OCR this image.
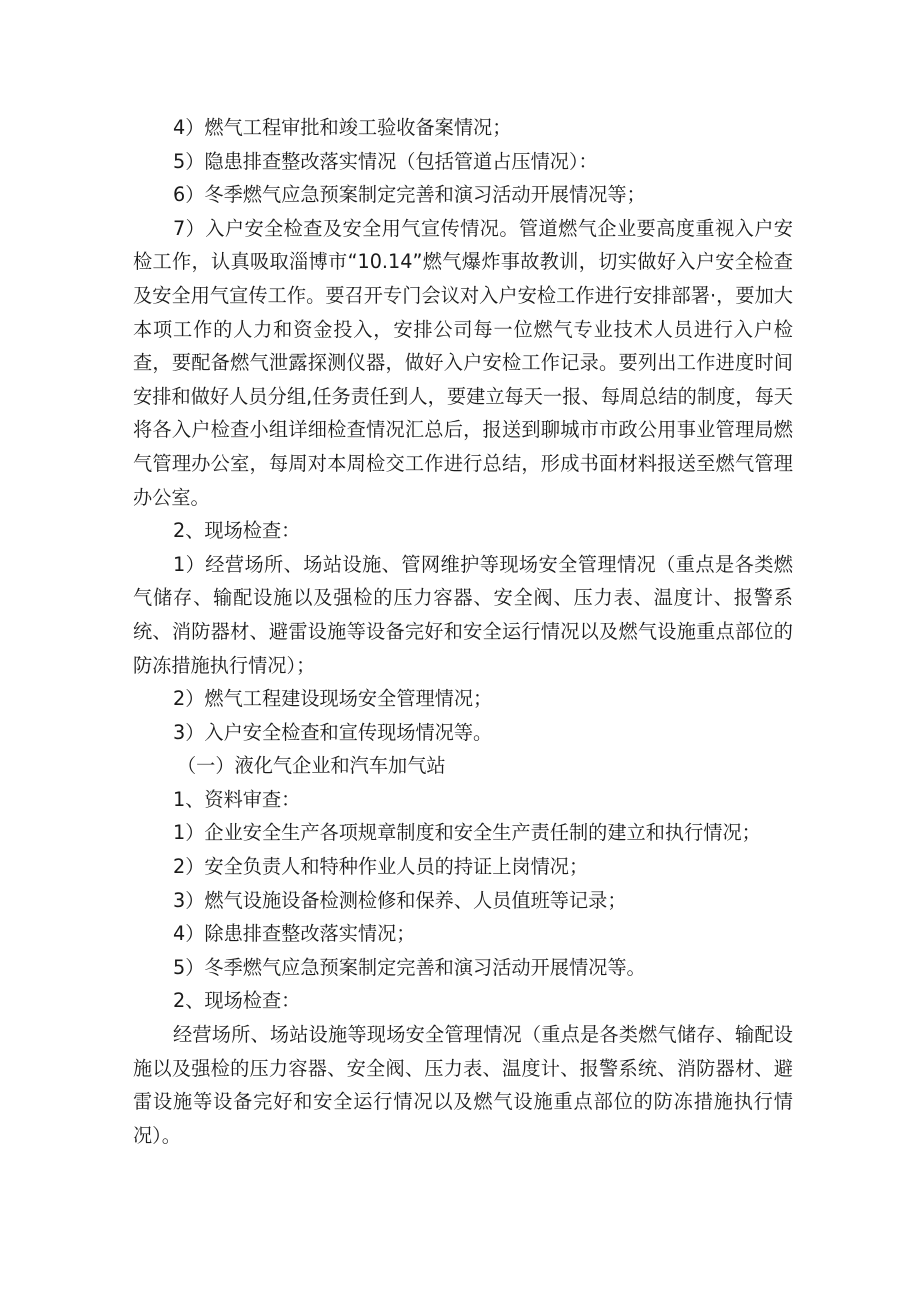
4）燃气工程审批和竣工验收备案情况；

5）隐患排查整改落实情况（包括管道占压情况）：

6）冬季燃气应急预案制定完善和演习活动开展情况等；

7）入户安全检查及安全用气宣传情况。管道燃气企业要高度重视入户安检工作，认真吸取淄博市“10.14”燃气爆炸事故教训，切实做好入户安全检查及安全用气宣传工作。要召开专门会议对入户安检工作进行安排部署·，要加大本项工作的人力和资金投入，安排公司每一位燃气专业技术人员进行入户检查，要配备燃气泄露探测仪器，做好入户安检工作记录。要列出工作进度时间安排和做好人员分组,任务责任到人，要建立每天一报、每周总结的制度，每天将各入户检查小组详细检查情况汇总后，报送到聊城市市政公用事业管理局燃气管理办公室，每周对本周检交工作进行总结，形成书面材料报送至燃气管理办公室。

2、现场检查：

1）经营场所、场站设施、管网维护等现场安全管理情况（重点是各类燃气储存、输配设施以及强检的压力容器、安全阀、压力表、温度计、报警系统、消防器材、避雷设施等设备完好和安全运行情况以及燃气设施重点部位的防冻措施执行情况）；

2）燃气工程建设现场安全管理情况；

3）入户安全检查和宣传现场情况等。

（一）液化气企业和汽车加气站

1、资料审查：

1）企业安全生产各项规章制度和安全生产责任制的建立和执行情况；

2）安全负责人和特种作业人员的持证上岗情况；

3）燃气设施设备检测检修和保养、人员值班等记录；

4）除患排查整改落实情况；

5）冬季燃气应急预案制定完善和演习活动开展情况等。

2、现场检查：

经营场所、场站设施等现场安全管理情况（重点是各类燃气储存、输配设施以及强检的压力容器、安全阀、压力表、温度计、报警系统、消防器材、避雷设施等设备完好和安全运行情况以及燃气设施重点部位的防冻措施执行情况）。
